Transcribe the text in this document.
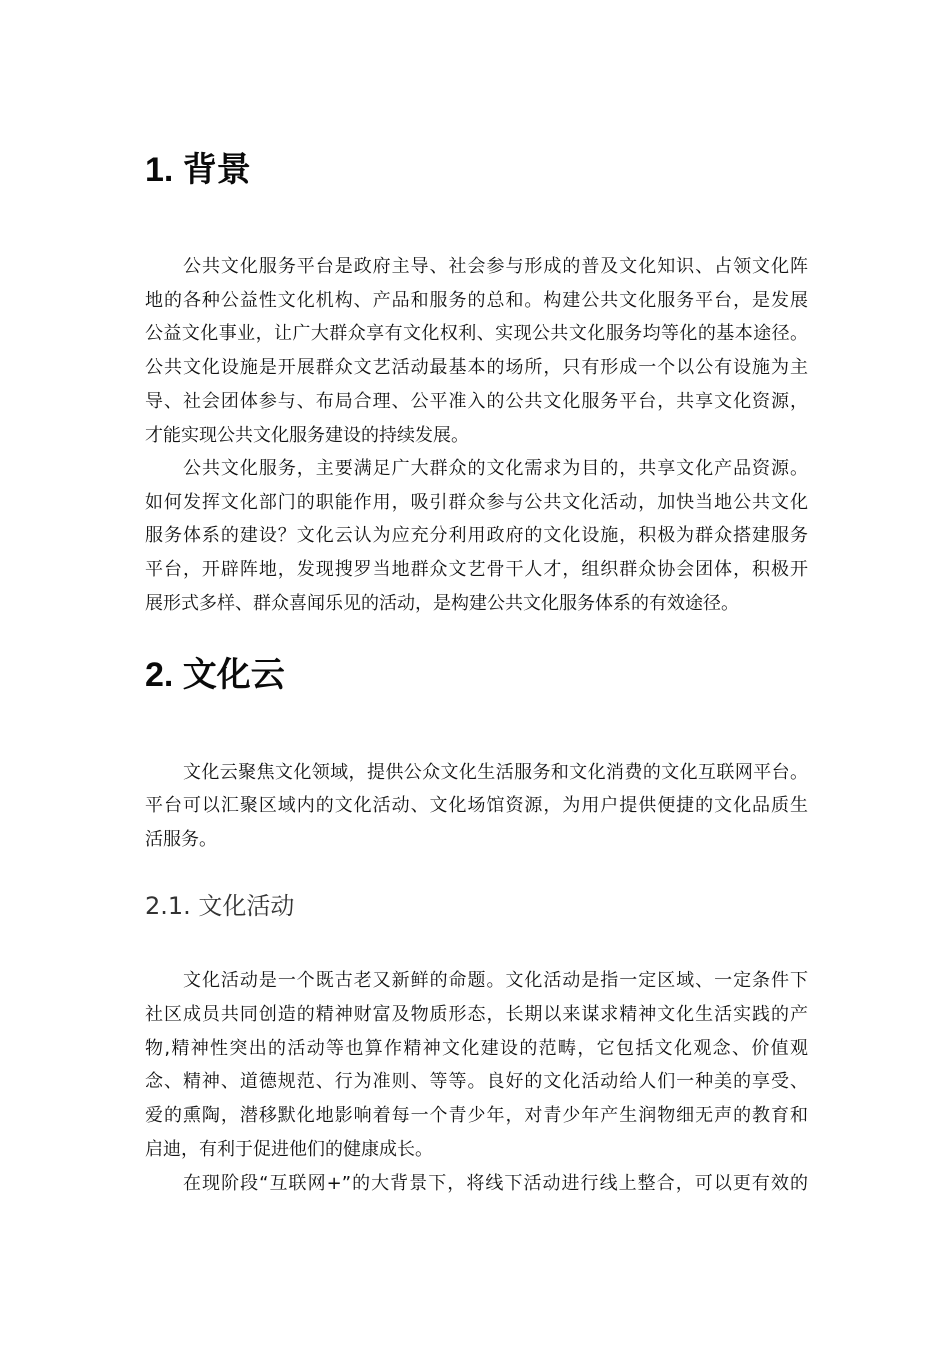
1. 背景
公共文化服务平台是政府主导、社会参与形成的普及文化知识、占领文化阵
地的各种公益性文化机构、产品和服务的总和。构建公共文化服务平台，是发展
公益文化事业，让广大群众享有文化权利、实现公共文化服务均等化的基本途径。
公共文化设施是开展群众文艺活动最基本的场所，只有形成一个以公有设施为主
导、社会团体参与、布局合理、公平准入的公共文化服务平台，共享文化资源，
才能实现公共文化服务建设的持续发展。
公共文化服务，主要满足广大群众的文化需求为目的，共享文化产品资源。
如何发挥文化部门的职能作用，吸引群众参与公共文化活动，加快当地公共文化
服务体系的建设？文化云认为应充分利用政府的文化设施，积极为群众搭建服务
平台，开辟阵地，发现搜罗当地群众文艺骨干人才，组织群众协会团体，积极开
展形式多样、群众喜闻乐见的活动，是构建公共文化服务体系的有效途径。
2. 文化云
文化云聚焦文化领域，提供公众文化生活服务和文化消费的文化互联网平台。
平台可以汇聚区域内的文化活动、文化场馆资源，为用户提供便捷的文化品质生
活服务。
2.1. 文化活动
文化活动是一个既古老又新鲜的命题。文化活动是指一定区域、一定条件下
社区成员共同创造的精神财富及物质形态，长期以来谋求精神文化生活实践的产
物,精神性突出的活动等也算作精神文化建设的范畴，它包括文化观念、价值观
念、精神、道德规范、行为准则、等等。良好的文化活动给人们一种美的享受、
爱的熏陶，潜移默化地影响着每一个青少年，对青少年产生润物细无声的教育和
启迪，有利于促进他们的健康成长。
在现阶段“互联网+”的大背景下，将线下活动进行线上整合，可以更有效的
